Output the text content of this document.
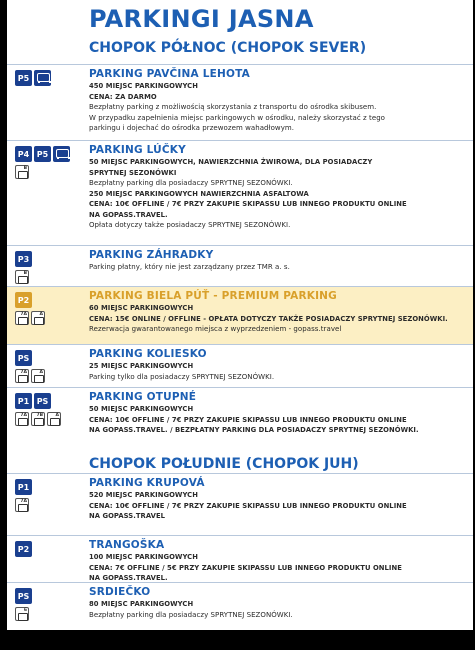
PARKINGI JASNA
CHOPOK PÓŁNOC (CHOPOK SEVER)
P5	PARKING PAVČINA LEHOTA
450 MIEJSC PARKINGOWYCH
CENA: ZA DARMO
Bezpłatny parking z możliwością skorzystania z transportu do ośrodka skibusem.
W przypadku zapełnienia miejsc parkingowych w ośrodku, należy skorzystać z tego
parkingu i dojechać do ośrodka przewozem wahadłowym.
P4 P5
B
PARKING LÚČKY
50 MIEJSC PARKINGOWYCH, NAWIERZCHNIA ŻWIROWA, DLA POSIADACZY
SPRYTNEJ SEZONÓWKI
Bezpłatny parking dla posiadaczy SPRYTNEJ SEZONÓWKI.
250 MIEJSC PARKINGOWYCH NAWIERZCHNIA ASFALTOWA
CENA: 10€ OFFLINE / 7€ PRZY ZAKUPIE SKIPASSU LUB INNEGO PRODUKTU ONLINE
NA GOPASS.TRAVEL.
Opłata dotyczy także posiadaczy SPRYTNEJ SEZONÓWKI.
P3
B
PARKING ZÁHRADKY
Parking płatny, który nie jest zarządzany przez TMR a. s.
P2
7A	A
PARKING BIELA PÚŤ - PREMIUM PARKING
60 MIEJSC PARKINGOWYCH
CENA: 15€ ONLINE / OFFLINE - OPŁATA DOTYCZY TAKŻE POSIADACZY SPRYTNEJ SEZONÓWKI.
Rezerwacja gwarantowanego miejsca z wyprzedzeniem - gopass.travel
PS
7A	A
PARKING KOLIESKO
25 MIEJSC PARKINGOWYCH
Parking tylko dla posiadaczy SPRYTNEJ SEZONÓWKI.
P1 PS
7A 7B	A
PARKING OTUPNÉ
50 MIEJSC PARKINGOWYCH
CENA: 10€ OFFLINE / 7€ PRZY ZAKUPIE SKIPASSU LUB INNEGO PRODUKTU ONLINE
NA GOPASS.TRAVEL. / BEZPŁATNY PARKING DLA POSIADACZY SPRYTNEJ SEZONÓWKI.
CHOPOK POŁUDNIE (CHOPOK JUH)
P1
7A
PARKING KRUPOVÁ
520 MIEJSC PARKINGOWYCH
CENA: 10€ OFFLINE / 7€ PRZY ZAKUPIE SKIPASSU LUB INNEGO PRODUKTU ONLINE
NA GOPASS.TRAVEL
P2	TRANGOŠKA
100 MIEJSC PARKINGOWYCH
CENA: 7€ OFFLINE / 5€ PRZY ZAKUPIE SKIPASSU LUB INNEGO PRODUKTU ONLINE
NA GOPASS.TRAVEL.
PS
6
SRDIEČKO
80 MIEJSC PARKINGOWYCH
Bezpłatny parking dla posiadaczy SPRYTNEJ SEZONÓWKI.
